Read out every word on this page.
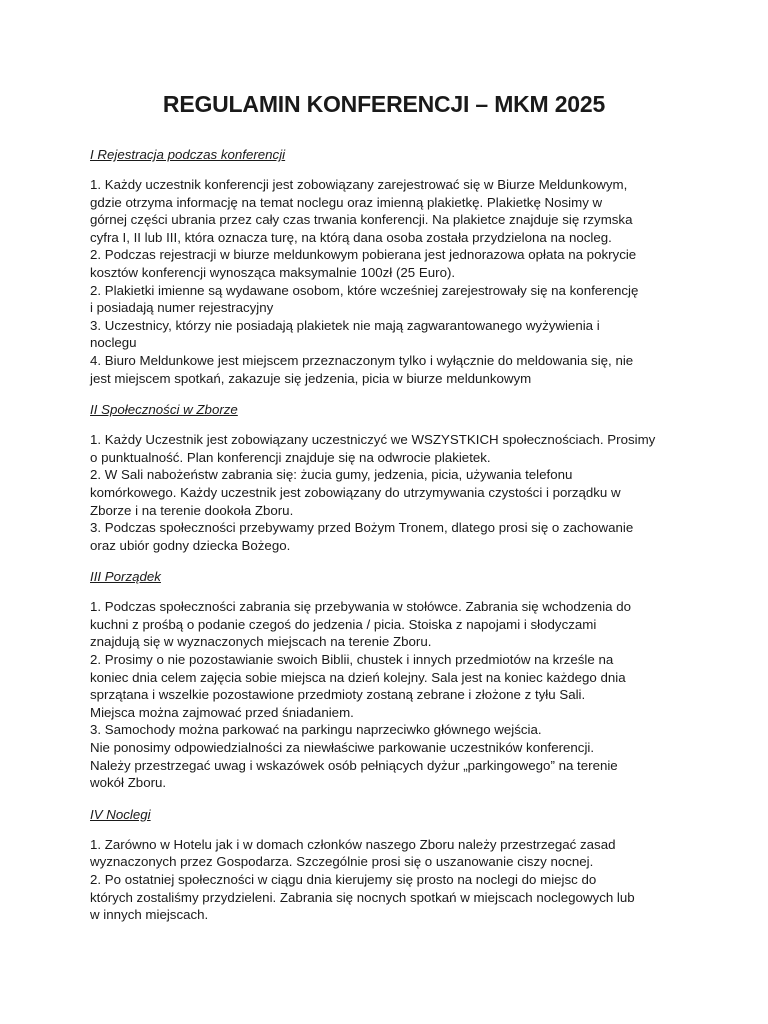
REGULAMIN KONFERENCJI – MKM 2025
I Rejestracja podczas konferencji

1. Każdy uczestnik konferencji jest zobowiązany zarejestrować się w Biurze Meldunkowym,
gdzie otrzyma informację na temat noclegu oraz imienną plakietkę. Plakietkę Nosimy w
górnej części ubrania przez cały czas trwania konferencji. Na plakietce znajduje się rzymska
cyfra I, II lub III, która oznacza turę, na którą dana osoba została przydzielona na nocleg.
2. Podczas rejestracji w biurze meldunkowym pobierana jest jednorazowa opłata na pokrycie
kosztów konferencji wynosząca maksymalnie 100zł (25 Euro).
2. Plakietki imienne są wydawane osobom, które wcześniej zarejestrowały się na konferencję
i posiadają numer rejestracyjny
3. Uczestnicy, którzy nie posiadają plakietek nie mają zagwarantowanego wyżywienia i
noclegu
4. Biuro Meldunkowe jest miejscem przeznaczonym tylko i wyłącznie do meldowania się, nie
jest miejscem spotkań, zakazuje się jedzenia, picia w biurze meldunkowym

II Społeczności w Zborze

1. Każdy Uczestnik jest zobowiązany uczestniczyć we WSZYSTKICH społecznościach. Prosimy
o punktualność. Plan konferencji znajduje się na odwrocie plakietek.
2. W Sali nabożeństw zabrania się: żucia gumy, jedzenia, picia, używania telefonu
komórkowego. Każdy uczestnik jest zobowiązany do utrzymywania czystości i porządku w
Zborze i na terenie dookoła Zboru.
3. Podczas społeczności przebywamy przed Bożym Tronem, dlatego prosi się o zachowanie
oraz ubiór godny dziecka Bożego.

III Porządek

1. Podczas społeczności zabrania się przebywania w stołówce. Zabrania się wchodzenia do
kuchni z prośbą o podanie czegoś do jedzenia / picia. Stoiska z napojami i słodyczami
znajdują się w wyznaczonych miejscach na terenie Zboru.
2. Prosimy o nie pozostawianie swoich Biblii, chustek i innych przedmiotów na krześle na
koniec dnia celem zajęcia sobie miejsca na dzień kolejny. Sala jest na koniec każdego dnia
sprzątana i wszelkie pozostawione przedmioty zostaną zebrane i złożone z tyłu Sali.
Miejsca można zajmować przed śniadaniem.
3. Samochody można parkować na parkingu naprzeciwko głównego wejścia.
Nie ponosimy odpowiedzialności za niewłaściwe parkowanie uczestników konferencji.
Należy przestrzegać uwag i wskazówek osób pełniących dyżur „parkingowego” na terenie
wokół Zboru.

IV Noclegi

1. Zarówno w Hotelu jak i w domach członków naszego Zboru należy przestrzegać zasad
wyznaczonych przez Gospodarza. Szczególnie prosi się o uszanowanie ciszy nocnej.
2. Po ostatniej społeczności w ciągu dnia kierujemy się prosto na noclegi do miejsc do
których zostaliśmy przydzieleni. Zabrania się nocnych spotkań w miejscach noclegowych lub
w innych miejscach.
